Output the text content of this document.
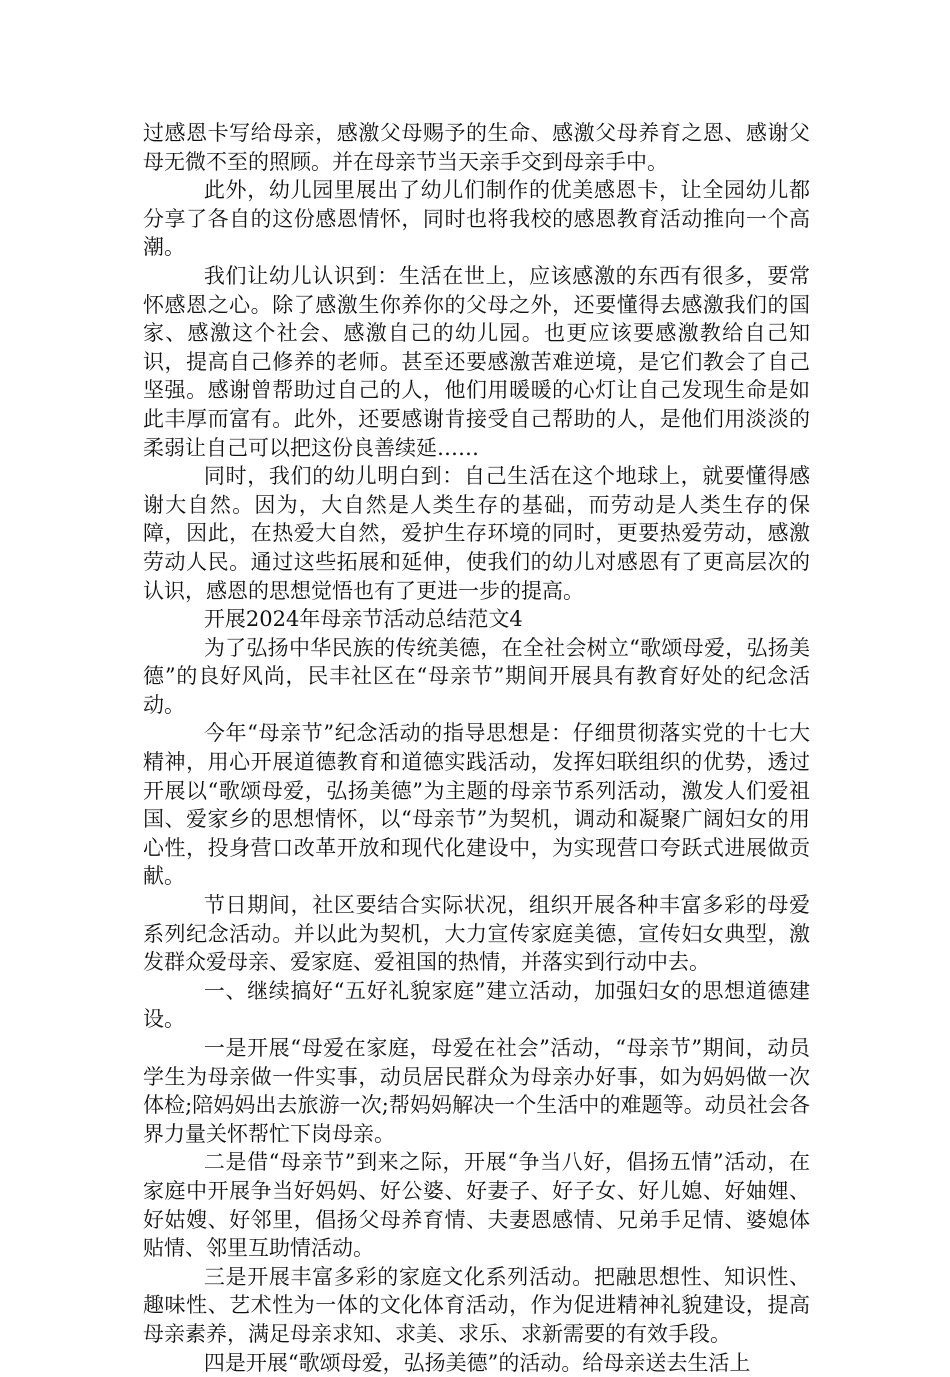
过感恩卡写给母亲，感激父母赐予的生命、感激父母养育之恩、感谢父母无微不至的照顾。并在母亲节当天亲手交到母亲手中。

此外，幼儿园里展出了幼儿们制作的优美感恩卡，让全园幼儿都分享了各自的这份感恩情怀，同时也将我校的感恩教育活动推向一个高潮。

我们让幼儿认识到：生活在世上，应该感激的东西有很多，要常怀感恩之心。除了感激生你养你的父母之外，还要懂得去感激我们的国家、感激这个社会、感激自己的幼儿园。也更应该要感激教给自己知识，提高自己修养的老师。甚至还要感激苦难逆境，是它们教会了自己坚强。感谢曾帮助过自己的人，他们用暖暖的心灯让自己发现生命是如此丰厚而富有。此外，还要感谢肯接受自己帮助的人，是他们用淡淡的柔弱让自己可以把这份良善续延……

同时，我们的幼儿明白到：自己生活在这个地球上，就要懂得感谢大自然。因为，大自然是人类生存的基础，而劳动是人类生存的保障，因此，在热爱大自然，爱护生存环境的同时，更要热爱劳动，感激劳动人民。通过这些拓展和延伸，使我们的幼儿对感恩有了更高层次的认识，感恩的思想觉悟也有了更进一步的提高。

开展2024年母亲节活动总结范文4

为了弘扬中华民族的传统美德，在全社会树立“歌颂母爱，弘扬美德”的良好风尚，民丰社区在“母亲节”期间开展具有教育好处的纪念活动。

今年“母亲节”纪念活动的指导思想是：仔细贯彻落实党的十七大精神，用心开展道德教育和道德实践活动，发挥妇联组织的优势，透过开展以“歌颂母爱，弘扬美德”为主题的母亲节系列活动，激发人们爱祖国、爱家乡的思想情怀，以“母亲节”为契机，调动和凝聚广阔妇女的用心性，投身营口改革开放和现代化建设中，为实现营口夸跃式进展做贡献。

节日期间，社区要结合实际状况，组织开展各种丰富多彩的母爱系列纪念活动。并以此为契机，大力宣传家庭美德，宣传妇女典型，激发群众爱母亲、爱家庭、爱祖国的热情，并落实到行动中去。

一、继续搞好“五好礼貌家庭”建立活动，加强妇女的思想道德建设。

一是开展“母爱在家庭，母爱在社会”活动，“母亲节”期间，动员学生为母亲做一件实事，动员居民群众为母亲办好事，如为妈妈做一次体检;陪妈妈出去旅游一次;帮妈妈解决一个生活中的难题等。动员社会各界力量关怀帮忙下岗母亲。

二是借“母亲节”到来之际，开展“争当八好，倡扬五情”活动，在家庭中开展争当好妈妈、好公婆、好妻子、好子女、好儿媳、好妯娌、好姑嫂、好邻里，倡扬父母养育情、夫妻恩感情、兄弟手足情、婆媳体贴情、邻里互助情活动。

三是开展丰富多彩的家庭文化系列活动。把融思想性、知识性、趣味性、艺术性为一体的文化体育活动，作为促进精神礼貌建设，提高母亲素养，满足母亲求知、求美、求乐、求新需要的有效手段。

四是开展“歌颂母爱，弘扬美德”的活动。给母亲送去生活上
